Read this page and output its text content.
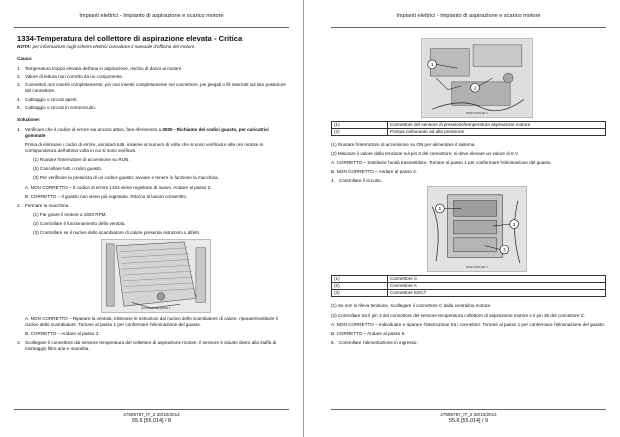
Impianti elettrici - Impianto di aspirazione e scarico motore
1334-Temperatura del collettore di aspirazione elevata - Critica
NOTA: per informazioni sugli schemi elettrici consultare il manuale d'officina del motore.
Causa:
1. Temperatura troppo elevata dell'aria in aspirazione, rischio di danni al motore.
2. Valore di lettura non corretto da un componente.
3. Connettori non inseriti completamente, pin non inseriti completamente nel connettore, pin piegati o fili interrotti sul lato posteriore del connettore.
4. Cablaggio o circuiti aperti.
5. Cablaggio o circuiti in cortocircuito.
Soluzione:
1. Verificare che il codice di errore sia ancora attivo, fare riferimento a 0000 - Richiamo dei codici guasto, per caricatrici gommate.
Prima di eliminare i codici di errore, annotarli tutti, insieme al numero di volte che si sono verificati e alle ore motore in corrispondenza dell'ultima volta in cui si sono verificati.
(1) Ruotare l'interruttore di accensione su RUN.
(2) Cancellare tutti i codici guasto.
(3) Per verificare la presenza di un codice guasto: avviare e tenere in funzione la macchina.
A. NON CORRETTO – Il codice di errore 1334 viene registrato di nuovo. Andare al passo 2.
B. CORRETTO – Il guasto non viene più registrato. Ritorno al lavoro consentito.
2. Fermare la macchina.
(1) Far girare il motore a 1500 RPM.
(2) Controllare il funzionamento della ventola.
(3) Controllare se il nucleo dello scambiatore di calore presenta ostruzioni o difetti.
RCPH21WEL00000 1
A. NON CORRETTO – Riparare la ventola, eliminare le ostruzioni dal nucleo dello scambiatore di calore, riparare/sostituire il nucleo dello scambiatore. Tornare al passo 1 per confermare l'eliminazione del guasto.
B. CORRETTO – Andare al passo 3.
3. Scollegare il connettore dal sensore temperatura del collettore di aspirazione motore. Il sensore è situato dietro alla staffa di montaggio filtro aria e marmitta.
47595787_IT_2 28/10/2014
55.6 [55.014] / 8
Impianti elettrici - Impianto di aspirazione e scarico motore
1
2
BS97V100-00 2
(1)	Connettore del sensore di pressione/temperatura aspirazione motore
(2)	Pompa carburante ad alta pressione
(1) Ruotare l'interruttore di accensione su ON per alimentare il sistema.
(2) Misurare il valore della tensione sul pin 3 del connettore; si deve rilevare un valore di 5 V.
A. CORRETTO – Sostituire l'unità trasmettitore. Tornare al passo 1 per confermare l'eliminazione del guasto.
B. NON CORRETTO – Andare al passo 4.
4. Controllare il circuito.
1
2
3
BS97V100-00 3
(1)	Connettore C
(2)	Connettore A
(3)	Connettore EDC7
(1) Se non si rileva tensione, scollegare il connettore C dalla centralina motore.
(2) Controllare tra il pin 3 del connettore del sensore temperatura collettore di aspirazione motore e il pin 36 del connettore C.
A. NON CORRETTO – Individuare e riparare l'interruzione tra i connettori. Tornare al passo 1 per confermare l'eliminazione del guasto.
B. CORRETTO – Andare al passo 5.
5. Controllare l'alimentazione in ingresso.
47595787_IT_2 28/10/2014
55.6 [55.014] / 9
